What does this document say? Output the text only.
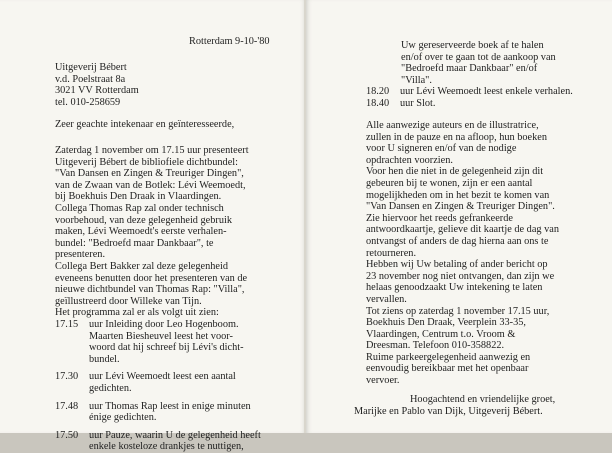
Rotterdam 9-10-'80
Uitgeverij Bébert
v.d. Poelstraat 8a
3021 VV Rotterdam
tel. 010-258659
Zeer geachte intekenaar en geïnteresseerde,
Zaterdag 1 november om 17.15 uur presenteert
Uitgeverij Bébert de bibliofiele dichtbundel:
"Van Dansen en Zingen & Treuriger Dingen",
van de Zwaan van de Botlek: Lévi Weemoedt,
bij Boekhuis Den Draak in Vlaardingen.
Collega Thomas Rap zal onder technisch
voorbehoud, van deze gelegenheid gebruik
maken, Lévi Weemoedt's eerste verhalen-
bundel: "Bedroefd maar Dankbaar", te
presenteren.
Collega Bert Bakker zal deze gelegenheid
eveneens benutten door het presenteren van de
nieuwe dichtbundel van Thomas Rap: "Villa",
geïllustreerd door Willeke van Tijn.
Het programma zal er als volgt uit zien:
17.15 uur Inleiding door Leo Hogenboom.
Maarten Biesheuvel leest het voor-
woord dat hij schreef bij Lévi's dicht-
bundel.
17.30 uur Lévi Weemoedt leest een aantal
gedichten.
17.48 uur Thomas Rap leest in enige minuten
énige gedichten.
17.50 uur Pauze, waarin U de gelegenheid heeft
enkele kosteloze drankjes te nuttigen,
Uw gereserveerde boek af te halen
en/of over te gaan tot de aankoop van
"Bedroefd maar Dankbaar" en/of
"Villa".
18.20 uur Lévi Weemoedt leest enkele verhalen.
18.40 uur Slot.
Alle aanwezige auteurs en de illustratrice,
zullen in de pauze en na afloop, hun boeken
voor U signeren en/of van de nodige
opdrachten voorzien.
Voor hen die niet in de gelegenheid zijn dit
gebeuren bij te wonen, zijn er een aantal
mogelijkheden om in het bezit te komen van
"Van Dansen en Zingen & Treuriger Dingen".
Zie hiervoor het reeds gefrankeerde
antwoordkaartje, gelieve dit kaartje de dag van
ontvangst of anders de dag hierna aan ons te
retourneren.
Hebben wij Uw betaling of ander bericht op
23 november nog niet ontvangen, dan zijn we
helaas genoodzaakt Uw intekening te laten
vervallen.
Tot ziens op zaterdag 1 november 17.15 uur,
Boekhuis Den Draak, Veerplein 33-35,
Vlaardingen, Centrum t.o. Vroom &
Dreesman. Telefoon 010-358822.
Ruime parkeergelegenheid aanwezig en
eenvoudig bereikbaar met het openbaar
vervoer.
Hoogachtend en vriendelijke groet,
Marijke en Pablo van Dijk, Uitgeverij Bébert.
